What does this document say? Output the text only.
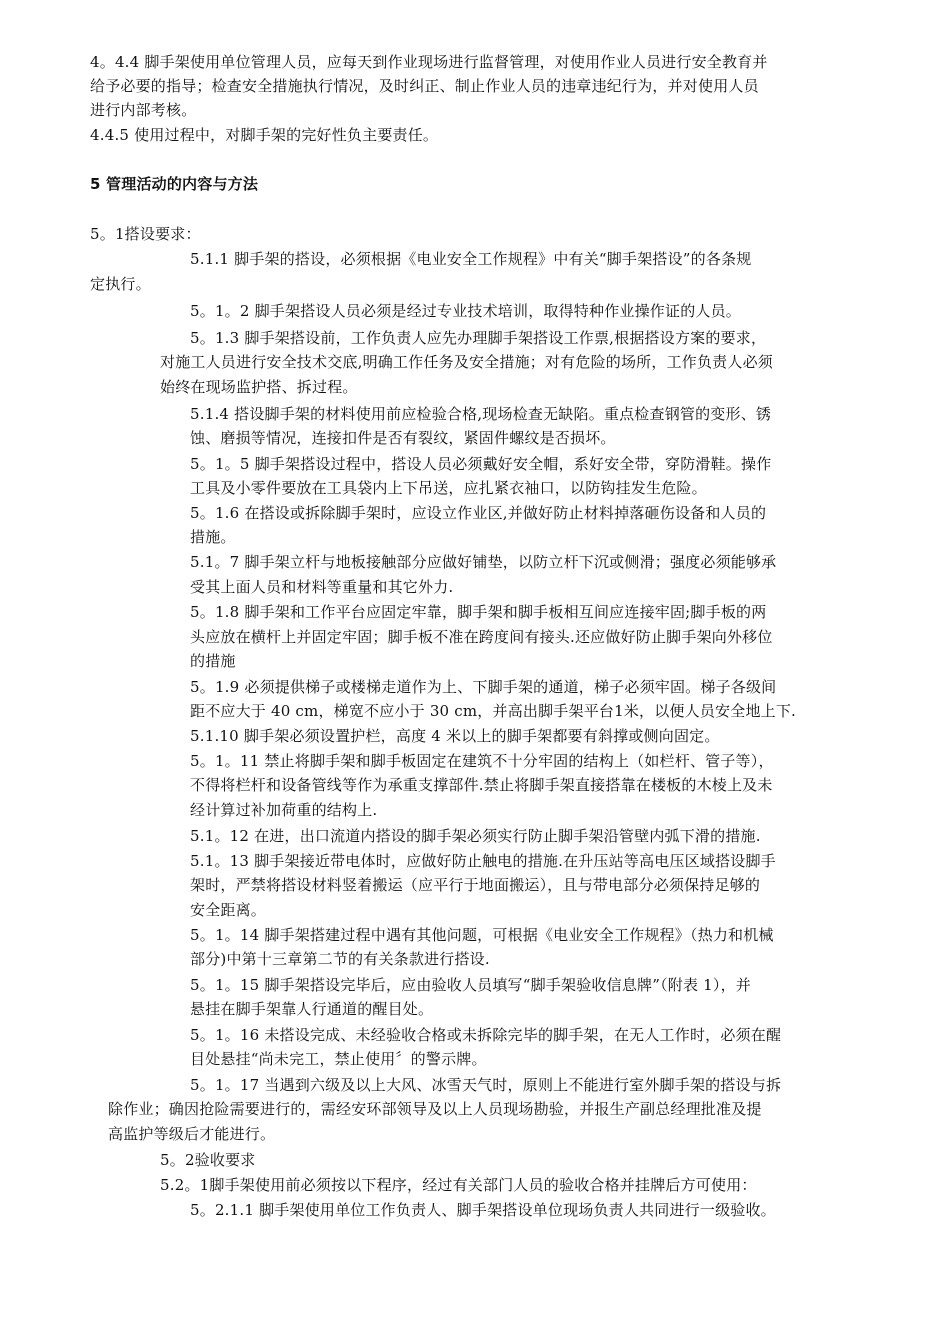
4。4.4 脚手架使用单位管理人员，应每天到作业现场进行监督管理，对使用作业人员进行安全教育并
给予必要的指导；检查安全措施执行情况，及时纠正、制止作业人员的违章违纪行为，并对使用人员
进行内部考核。
4.4.5 使用过程中，对脚手架的完好性负主要责任。
5 管理活动的内容与方法
5。1搭设要求：
5.1.1 脚手架的搭设，必须根据《电业安全工作规程》中有关“脚手架搭设”的各条规
定执行。
5。1。2 脚手架搭设人员必须是经过专业技术培训，取得特种作业操作证的人员。
5。1.3 脚手架搭设前，工作负责人应先办理脚手架搭设工作票,根据搭设方案的要求，
对施工人员进行安全技术交底,明确工作任务及安全措施；对有危险的场所，工作负责人必须
始终在现场监护搭、拆过程。
5.1.4 搭设脚手架的材料使用前应检验合格,现场检查无缺陷。重点检查钢管的变形、锈
蚀、磨损等情况，连接扣件是否有裂纹，紧固件螺纹是否损坏。
5。1。5 脚手架搭设过程中，搭设人员必须戴好安全帽，系好安全带，穿防滑鞋。操作
工具及小零件要放在工具袋内上下吊送，应扎紧衣袖口，以防钩挂发生危险。
5。1.6 在搭设或拆除脚手架时，应设立作业区,并做好防止材料掉落砸伤设备和人员的
措施。
5.1。7 脚手架立杆与地板接触部分应做好铺垫，以防立杆下沉或侧滑；强度必须能够承
受其上面人员和材料等重量和其它外力.
5。1.8 脚手架和工作平台应固定牢靠，脚手架和脚手板相互间应连接牢固;脚手板的两
头应放在横杆上并固定牢固；脚手板不准在跨度间有接头.还应做好防止脚手架向外移位
的措施
5。1.9 必须提供梯子或楼梯走道作为上、下脚手架的通道，梯子必须牢固。梯子各级间
距不应大于 40 cm，梯宽不应小于 30 cm，并高出脚手架平台1米，以便人员安全地上下.
5.1.10 脚手架必须设置护栏，高度 4 米以上的脚手架都要有斜撑或侧向固定。
5。1。11 禁止将脚手架和脚手板固定在建筑不十分牢固的结构上（如栏杆、管子等），
不得将栏杆和设备管线等作为承重支撑部件.禁止将脚手架直接搭靠在楼板的木棱上及未
经计算过补加荷重的结构上.
5.1。12 在进，出口流道内搭设的脚手架必须实行防止脚手架沿管壁内弧下滑的措施.
5.1。13 脚手架接近带电体时，应做好防止触电的措施.在升压站等高电压区域搭设脚手
架时，严禁将搭设材料竖着搬运（应平行于地面搬运），且与带电部分必须保持足够的
安全距离。
5。1。14 脚手架搭建过程中遇有其他问题，可根据《电业安全工作规程》（热力和机械
部分)中第十三章第二节的有关条款进行搭设.
5。1。15 脚手架搭设完毕后，应由验收人员填写“脚手架验收信息牌”（附表 1），并
悬挂在脚手架靠人行通道的醒目处。
5。1。16 未搭设完成、未经验收合格或未拆除完毕的脚手架，在无人工作时，必须在醒
目处悬挂“尚未完工，禁止使用〞的警示牌。
5。1。17 当遇到六级及以上大风、冰雪天气时，原则上不能进行室外脚手架的搭设与拆
除作业；确因抢险需要进行的，需经安环部领导及以上人员现场勘验，并报生产副总经理批准及提
高监护等级后才能进行。
5。2验收要求
5.2。1脚手架使用前必须按以下程序，经过有关部门人员的验收合格并挂牌后方可使用：
5。2.1.1 脚手架使用单位工作负责人、脚手架搭设单位现场负责人共同进行一级验收。
